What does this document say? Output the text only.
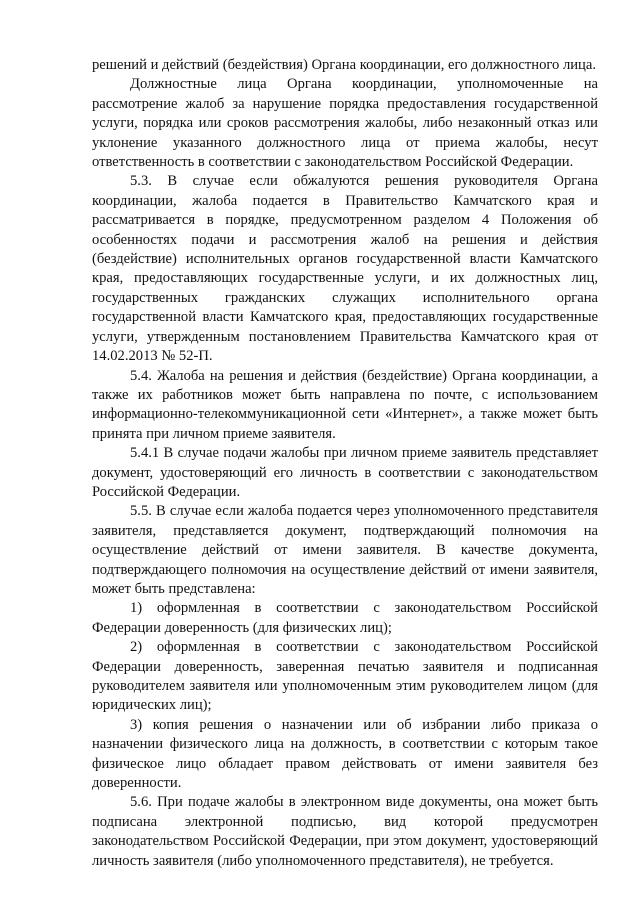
решений и действий (бездействия) Органа координации, его должностного лица.

Должностные лица Органа координации, уполномоченные на рассмотрение жалоб за нарушение порядка предоставления государственной услуги, порядка или сроков рассмотрения жалобы, либо незаконный отказ или уклонение указанного должностного лица от приема жалобы, несут ответственность в соответствии с законодательством Российской Федерации.

5.3. В случае если обжалуются решения руководителя Органа координации, жалоба подается в Правительство Камчатского края и рассматривается в порядке, предусмотренном разделом 4 Положения об особенностях подачи и рассмотрения жалоб на решения и действия (бездействие) исполнительных органов государственной власти Камчатского края, предоставляющих государственные услуги, и их должностных лиц, государственных гражданских служащих исполнительного органа государственной власти Камчатского края, предоставляющих государственные услуги, утвержденным постановлением Правительства Камчатского края от 14.02.2013 № 52-П.

5.4. Жалоба на решения и действия (бездействие) Органа координации, а также их работников может быть направлена по почте, с использованием информационно-телекоммуникационной сети «Интернет», а также может быть принята при личном приеме заявителя.

5.4.1 В случае подачи жалобы при личном приеме заявитель представляет документ, удостоверяющий его личность в соответствии с законодательством Российской Федерации.

5.5. В случае если жалоба подается через уполномоченного представителя заявителя, представляется документ, подтверждающий полномочия на осуществление действий от имени заявителя. В качестве документа, подтверждающего полномочия на осуществление действий от имени заявителя, может быть представлена:

1) оформленная в соответствии с законодательством Российской Федерации доверенность (для физических лиц);

2) оформленная в соответствии с законодательством Российской Федерации доверенность, заверенная печатью заявителя и подписанная руководителем заявителя или уполномоченным этим руководителем лицом (для юридических лиц);

3) копия решения о назначении или об избрании либо приказа о назначении физического лица на должность, в соответствии с которым такое физическое лицо обладает правом действовать от имени заявителя без доверенности.

5.6. При подаче жалобы в электронном виде документы, она может быть подписана электронной подписью, вид которой предусмотрен законодательством Российской Федерации, при этом документ, удостоверяющий личность заявителя (либо уполномоченного представителя), не требуется.
